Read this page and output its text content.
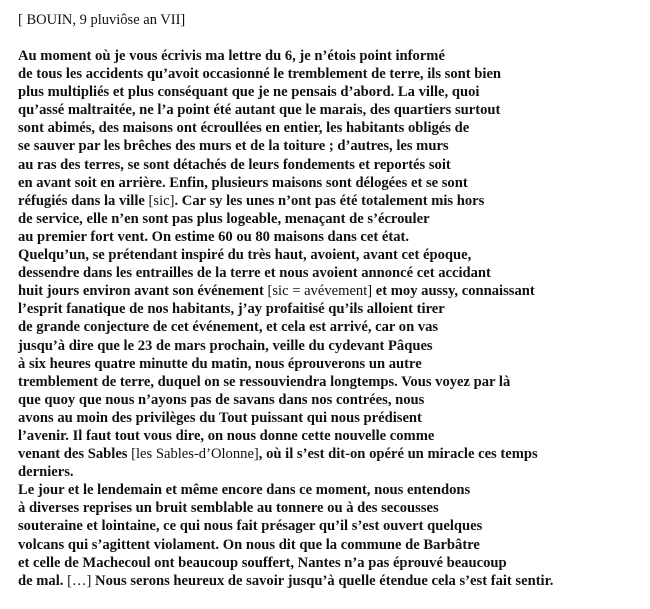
[ BOUIN, 9 pluviôse an VII]
Au moment où je vous écrivis ma lettre du 6, je n’étois point informé
de tous les accidents qu’avoit occasionné le tremblement de terre, ils sont bien
plus multipliés et plus conséquant que je ne pensais d’abord. La ville, quoi
qu’assé maltraitée, ne l’a point été autant que le marais, des quartiers surtout
sont abimés, des maisons ont écroullées en entier, les habitants obligés de
se sauver par les brêches des murs et de la toiture ; d’autres, les murs
au ras des terres, se sont détachés de leurs fondements et reportés soit
en avant soit en arrière. Enfin, plusieurs maisons sont délogées et se sont
réfugiés dans la ville [sic]. Car sy les unes n’ont pas été totalement mis hors
de service, elle n’en sont pas plus logeable, menaçant de s’écrouler
au premier fort vent. On estime 60 ou 80 maisons dans cet état.
Quelqu’un, se prétendant inspiré du très haut, avoient, avant cet époque,
dessendre dans les entrailles de la terre et nous avoient annoncé cet accidant
huit jours environ avant son événement [sic = avévement] et moy aussy, connaissant
l’esprit fanatique de nos habitants, j’ay profaitisé qu’ils alloient tirer
de grande conjecture de cet événement, et cela est arrivé, car on vas
jusqu’à dire que le 23 de mars prochain, veille du cydevant Pâques
à six heures quatre minutte du matin, nous éprouverons un autre
tremblement de terre, duquel on se ressouviendra longtemps. Vous voyez par là
que quoy que nous n’ayons pas de savans dans nos contrées, nous
avons au moin des privilèges du Tout puissant qui nous prédisent
l’avenir. Il faut tout vous dire, on nous donne cette nouvelle comme
venant des Sables [les Sables-d’Olonne], où il s’est dit-on opéré un miracle ces temps
derniers.
Le jour et le lendemain et même encore dans ce moment, nous entendons
à diverses reprises un bruit semblable au tonnere ou à des secousses
souteraine et lointaine, ce qui nous fait présager qu’il s’est ouvert quelques
volcans qui s’agittent violament. On nous dit que la commune de Barbâtre
et celle de Machecoul ont beaucoup souffert, Nantes n’a pas éprouvé beaucoup
de mal. […] Nous serons heureux de savoir jusqu’à quelle étendue cela s’est fait sentir.
